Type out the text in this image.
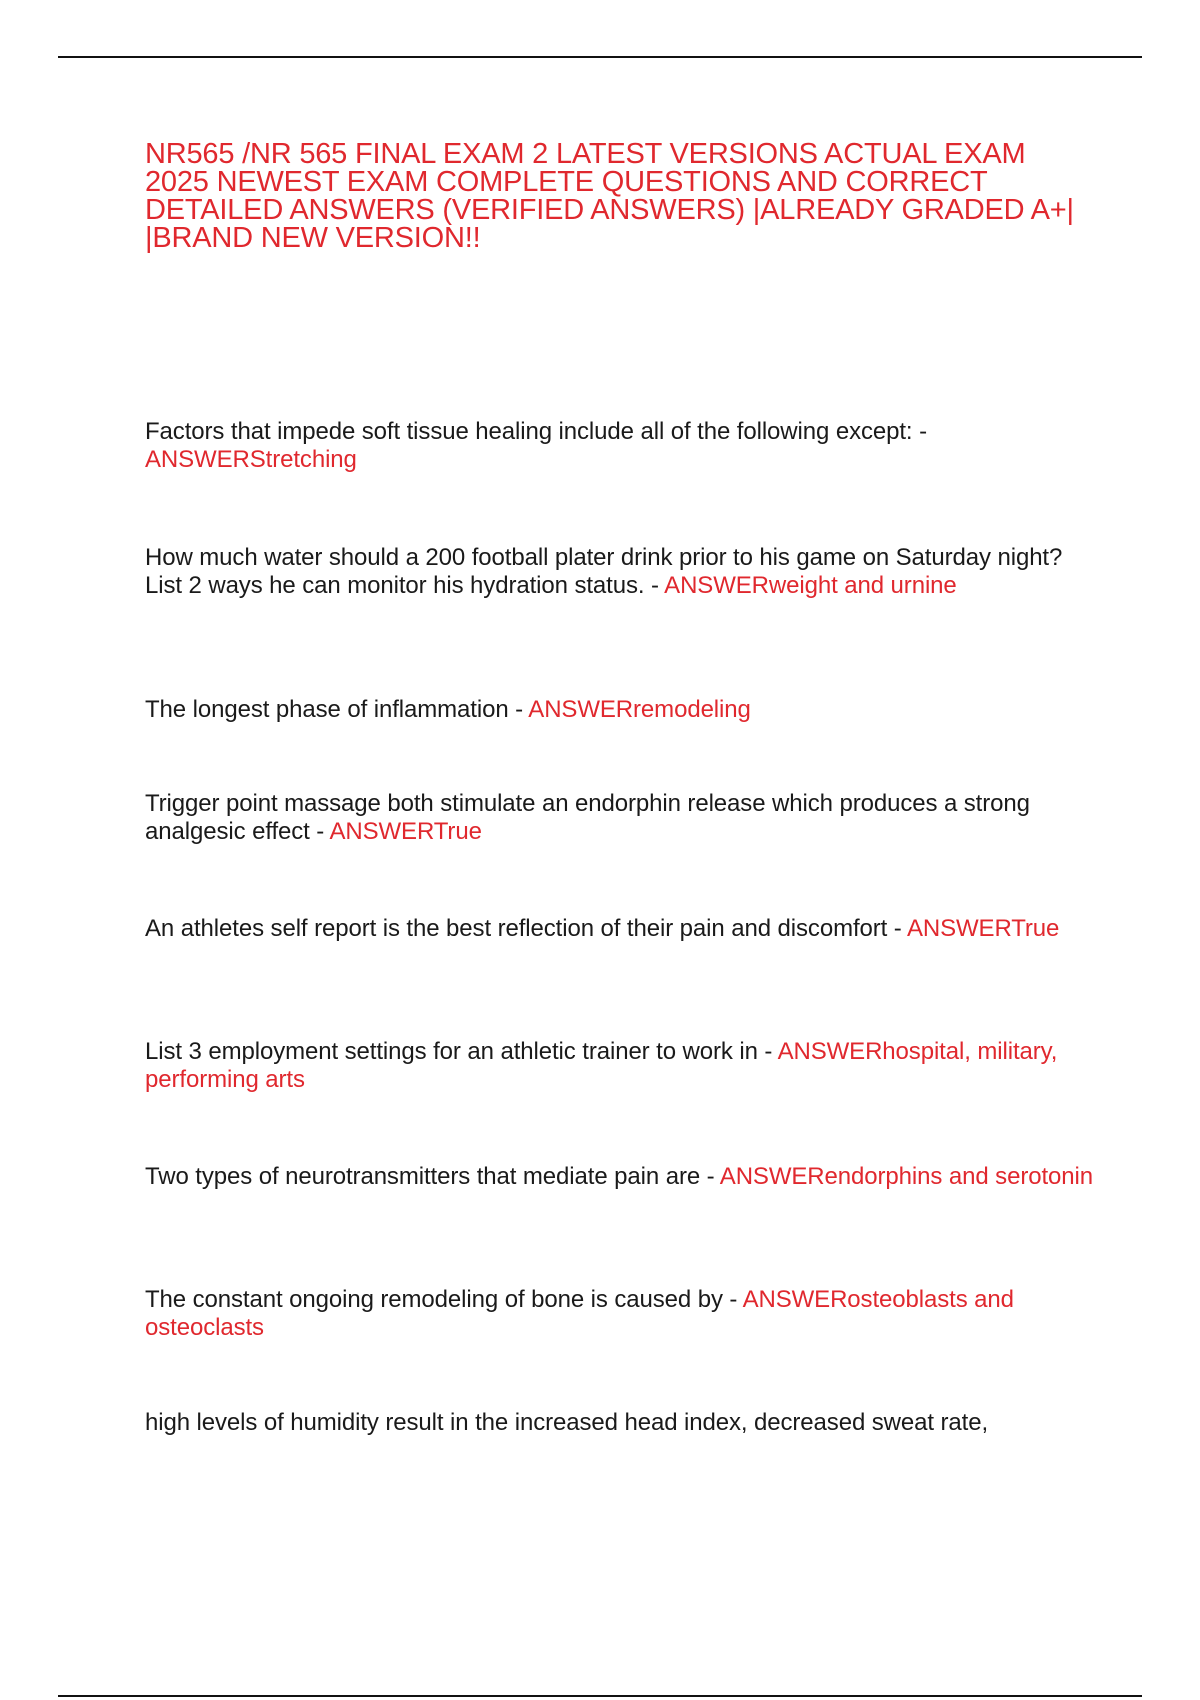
NR565 /NR 565 FINAL EXAM 2 LATEST VERSIONS ACTUAL EXAM 2025 NEWEST EXAM COMPLETE QUESTIONS AND CORRECT DETAILED ANSWERS (VERIFIED ANSWERS) |ALREADY GRADED A+| |BRAND NEW VERSION!!

Factors that impede soft tissue healing include all of the following except: - ANSWERStretching

How much water should a 200 football plater drink prior to his game on Saturday night? List 2 ways he can monitor his hydration status. - ANSWERweight and urnine

The longest phase of inflammation - ANSWERremodeling

Trigger point massage both stimulate an endorphin release which produces a strong analgesic effect - ANSWERTrue

An athletes self report is the best reflection of their pain and discomfort - ANSWERTrue

List 3 employment settings for an athletic trainer to work in - ANSWERhospital, military, performing arts

Two types of neurotransmitters that mediate pain are - ANSWERendorphins and serotonin

The constant ongoing remodeling of bone is caused by - ANSWERosteoblasts and osteoclasts

high levels of humidity result in the increased head index, decreased sweat rate,
